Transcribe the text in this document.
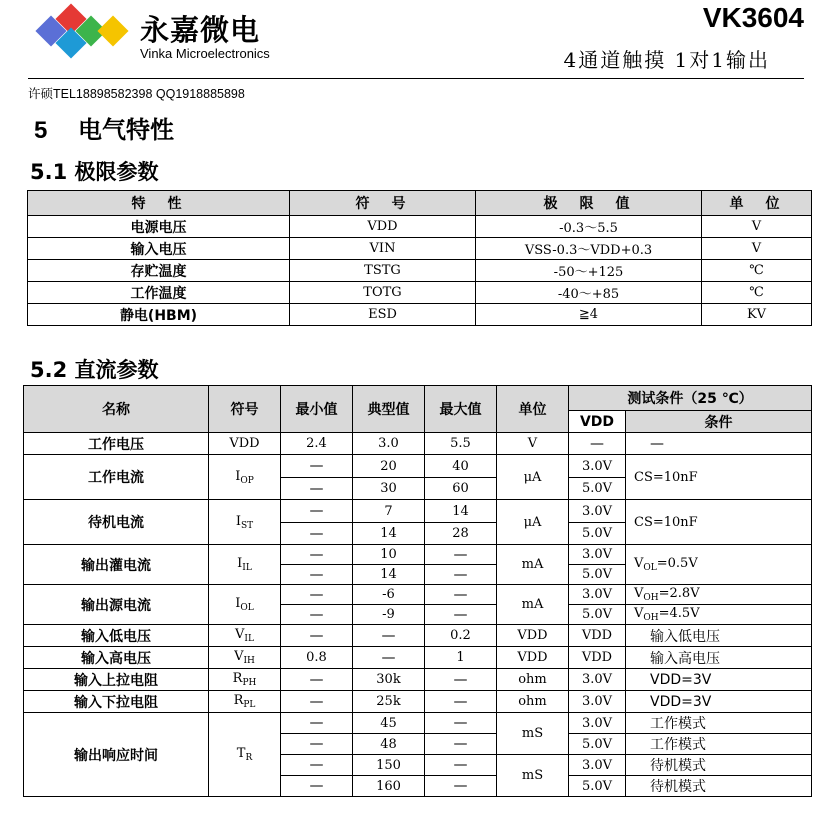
永嘉微电
Vinka Microelectronics
VK3604
4通道触摸 1对1输出
许硕TEL18898582398 QQ1918885898
5 电气特性
5.1 极限参数
特　性	符　号	极　限　值	单　位
电源电压	VDD	-0.3～5.5	V
输入电压	VIN	VSS-0.3～VDD+0.3	V
存贮温度	TSTG	-50～+125	℃
工作温度	TOTG	-40～+85	℃
静电(HBM)	ESD	≧4	KV
5.2 直流参数
名称	符号	最小值	典型值	最大值	单位	测试条件（25 ℃）	
						VDD	条件
工作电压	VDD	2.4	3.0	5.5	V	—	—
工作电流	$I_{OP}$	—	20	40	μA	3.0V	CS=10nF
		—	30	60		5.0V	
待机电流	$I_{ST}$	—	7	14	μA	3.0V	CS=10nF
		—	14	28		5.0V	
输出灌电流	$I_{IL}$	—	10	—	mA	3.0V	$V_{OL}=0.5V$
		—	14	—		5.0V	
输出源电流	$I_{OL}$	—	-6	—	mA	3.0V	$V_{OH}=2.8V$
		—	-9	—		5.0V	$V_{OH}=4.5V$
输入低电压	$V_{IL}$	—	—	0.2	VDD	VDD	输入低电压
输入高电压	$V_{IH}$	0.8	—	1	VDD	VDD	输入高电压
输入上拉电阻	$R_{PH}$	—	30k	—	ohm	3.0V	VDD=3V
输入下拉电阻	$R_{PL}$	—	25k	—	ohm	3.0V	VDD=3V
输出响应时间	$T_R$	—	45	—	mS	3.0V	工作模式
		—	48	—		5.0V	工作模式
		—	150	—	mS	3.0V	待机模式
		—	160	—		5.0V	待机模式
